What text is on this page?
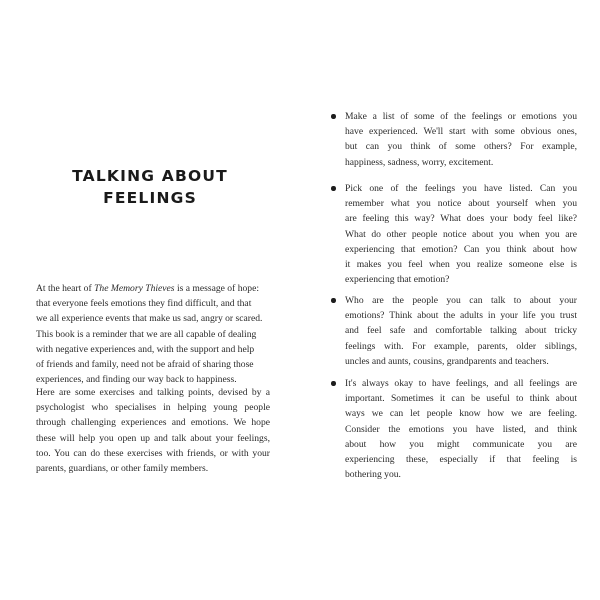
TALKING ABOUT
FEELINGS

At the heart of The Memory Thieves is a message of hope:
that everyone feels emotions they find difficult, and that
we all experience events that make us sad, angry or scared.
This book is a reminder that we are all capable of dealing
with negative experiences and, with the support and help
of friends and family, need not be afraid of sharing those
experiences, and finding our way back to happiness.

Here are some exercises and talking points, devised by a
psychologist who specialises in helping young people
through challenging experiences and emotions. We hope
these will help you open up and talk about your feelings,
too. You can do these exercises with friends, or with your
parents, guardians, or other family members.

Make a list of some of the feelings or emotions you
have experienced. We'll start with some obvious ones,
but can you think of some others? For example,
happiness, sadness, worry, excitement.
Pick one of the feelings you have listed. Can you
remember what you notice about yourself when you
are feeling this way? What does your body feel like?
What do other people notice about you when you are
experiencing that emotion? Can you think about how
it makes you feel when you realize someone else is
experiencing that emotion?
Who are the people you can talk to about your
emotions? Think about the adults in your life you trust
and feel safe and comfortable talking about tricky
feelings with. For example, parents, older siblings,
uncles and aunts, cousins, grandparents and teachers.
It's always okay to have feelings, and all feelings are
important. Sometimes it can be useful to think about
ways we can let people know how we are feeling.
Consider the emotions you have listed, and think
about how you might communicate you are
experiencing these, especially if that feeling is
bothering you.
